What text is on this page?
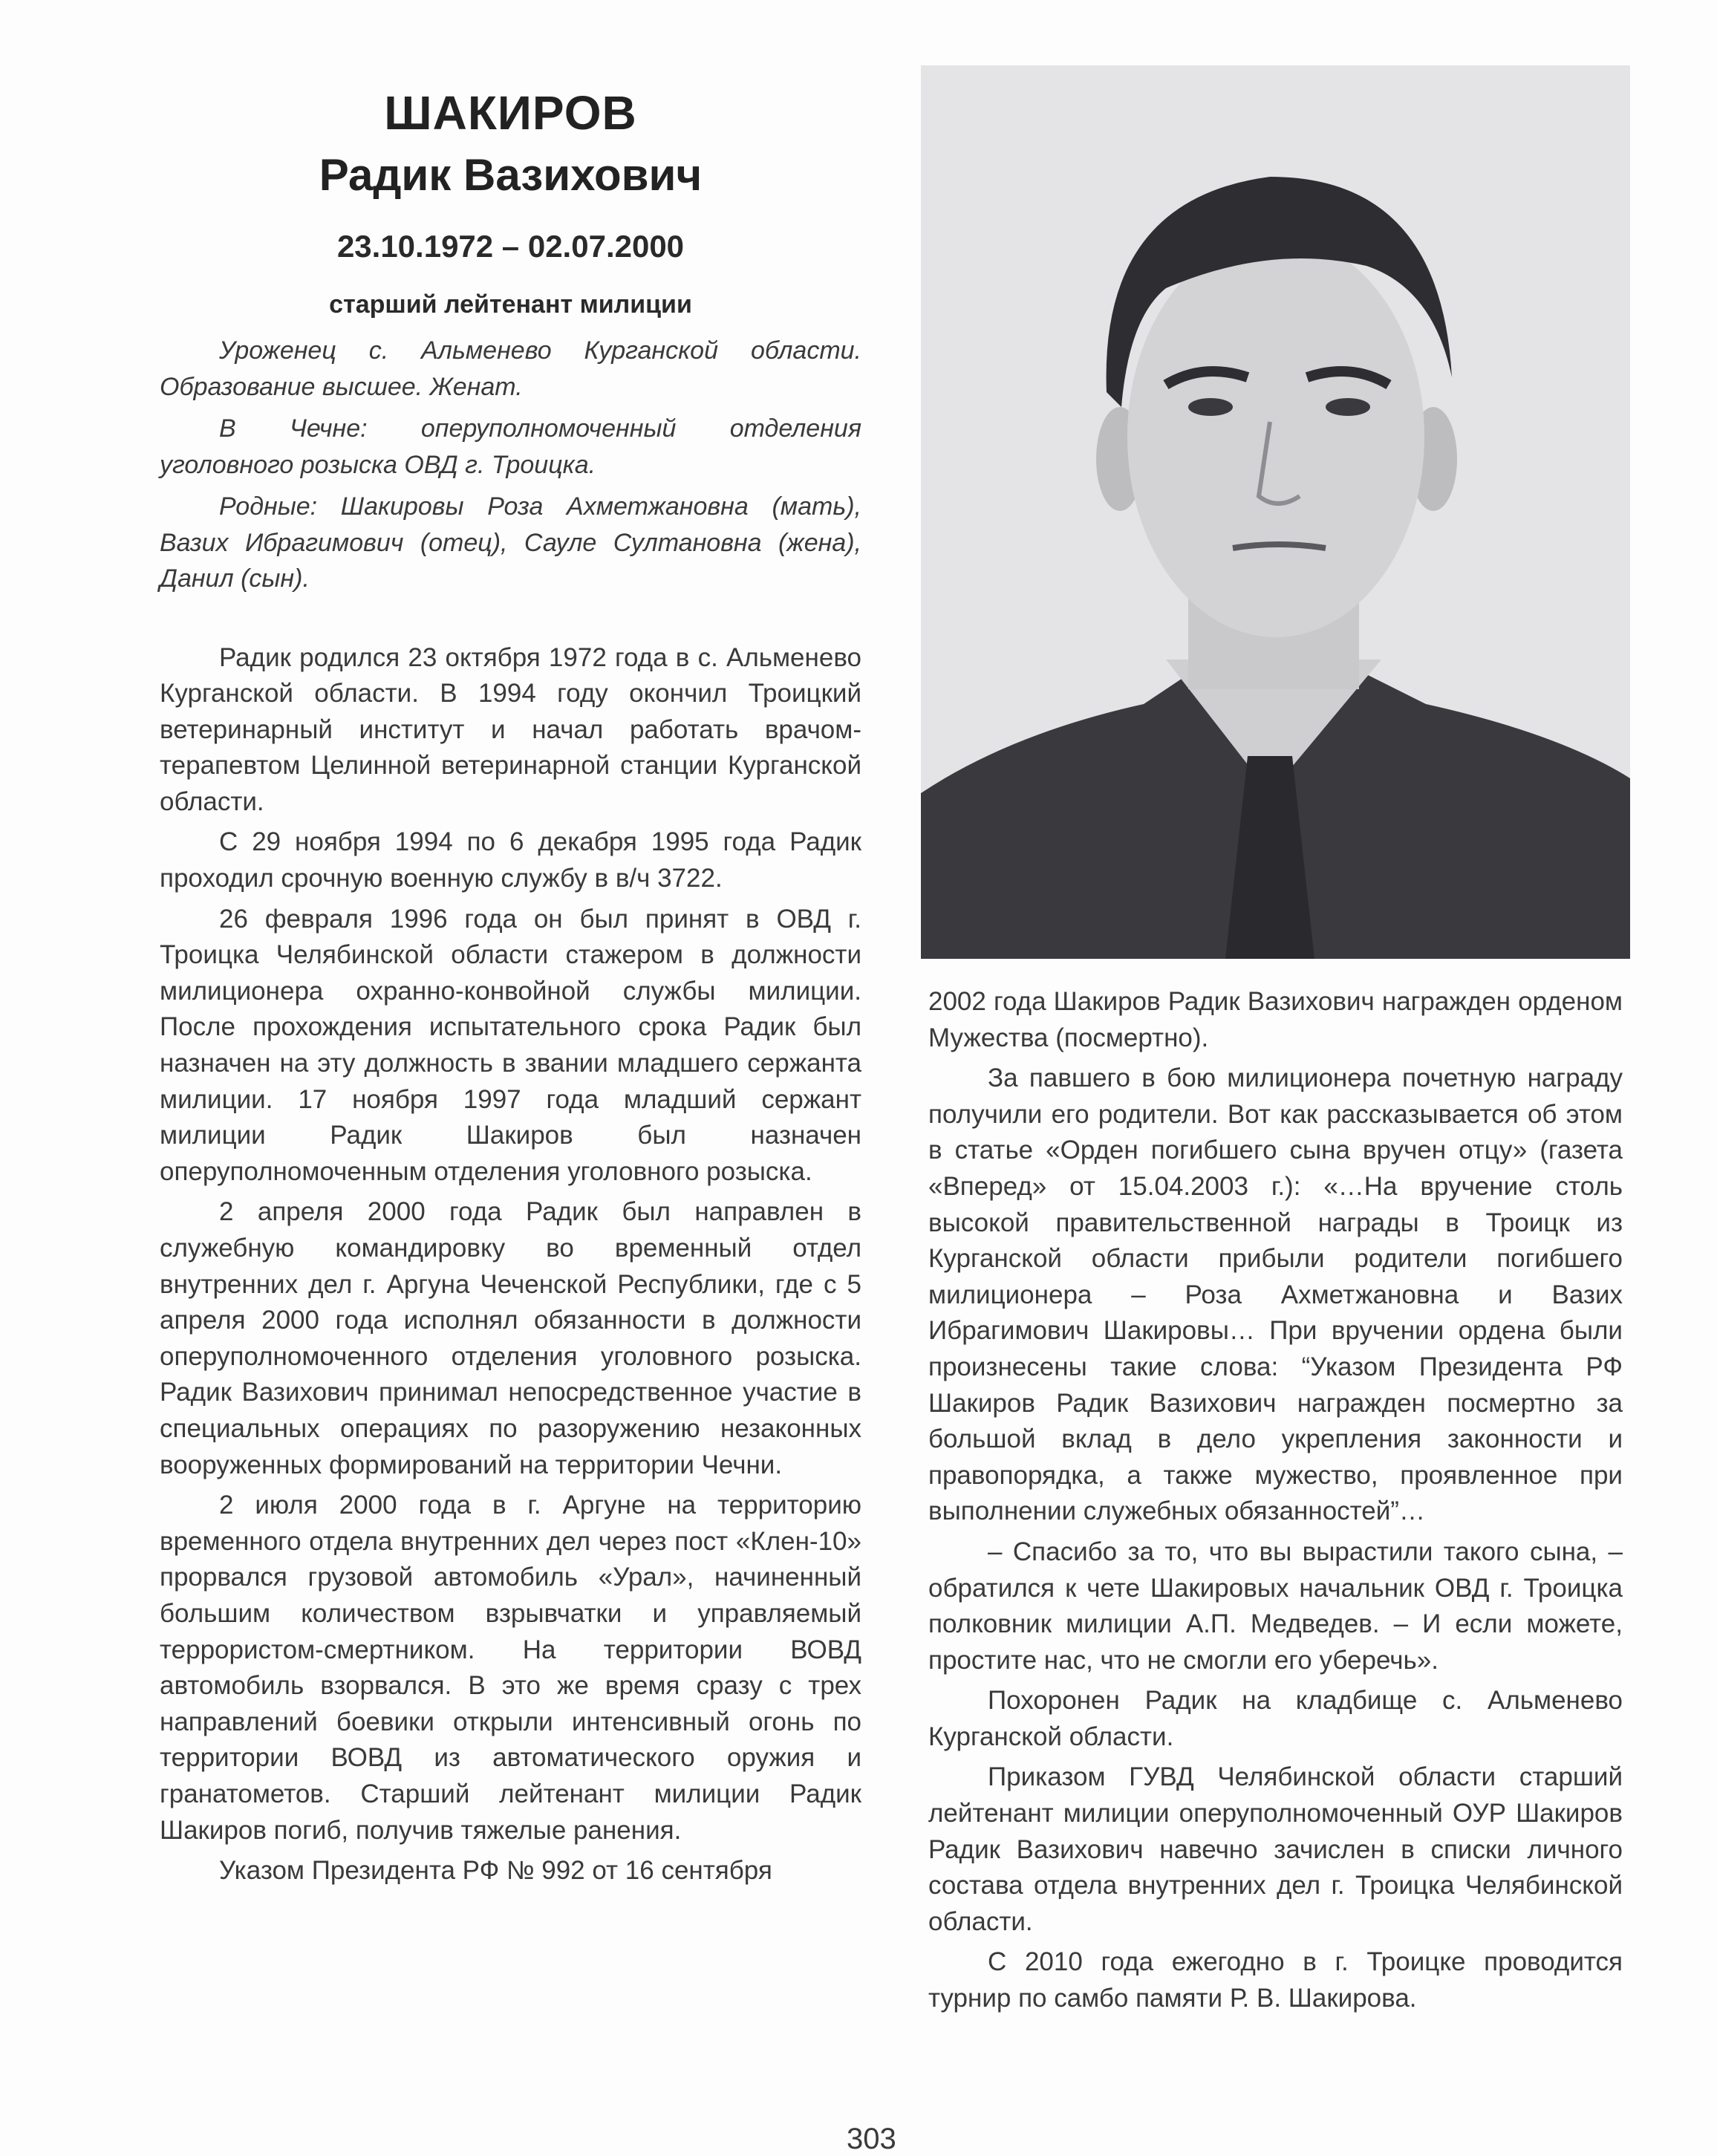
ШАКИРОВ
Радик Вазихович
23.10.1972 – 02.07.2000
старший лейтенант милиции

Уроженец с. Альменево Курганской области. Образование высшее. Женат.

В Чечне: оперуполномоченный отделения уголовного розыска ОВД г. Троицка.

Родные: Шакировы Роза Ахметжановна (мать), Вазих Ибрагимович (отец), Сауле Султановна (жена), Данил (сын).

Радик родился 23 октября 1972 года в с. Альменево Курганской области. В 1994 году окончил Троицкий ветеринарный институт и начал работать врачом-терапевтом Целинной ветеринарной станции Курганской области.

С 29 ноября 1994 по 6 декабря 1995 года Радик проходил срочную военную службу в в/ч 3722.

26 февраля 1996 года он был принят в ОВД г. Троицка Челябинской области стажером в должности милиционера охранно-конвойной службы милиции. После прохождения испытательного срока Радик был назначен на эту должность в звании младшего сержанта милиции. 17 ноября 1997 года младший сержант милиции Радик Шакиров был назначен оперуполномоченным отделения уголовного розыска.

2 апреля 2000 года Радик был направлен в служебную командировку во временный отдел внутренних дел г. Аргуна Чеченской Республики, где с 5 апреля 2000 года исполнял обязанности в должности оперуполномоченного отделения уголовного розыска. Радик Вазихович принимал непосредственное участие в специальных операциях по разоружению незаконных вооруженных формирований на территории Чечни.

2 июля 2000 года в г. Аргуне на территорию временного отдела внутренних дел через пост «Клен-10» прорвался грузовой автомобиль «Урал», начиненный большим количеством взрывчатки и управляемый террористом-смертником. На территории ВОВД автомобиль взорвался. В это же время сразу с трех направлений боевики открыли интенсивный огонь по территории ВОВД из автоматического оружия и гранатометов. Старший лейтенант милиции Радик Шакиров погиб, получив тяжелые ранения.

Указом Президента РФ № 992 от 16 сентября

2002 года Шакиров Радик Вазихович награжден орденом Мужества (посмертно).

За павшего в бою милиционера почетную награду получили его родители. Вот как рассказывается об этом в статье «Орден погибшего сына вручен отцу» (газета «Вперед» от 15.04.2003 г.): «…На вручение столь высокой правительственной награды в Троицк из Курганской области прибыли родители погибшего милиционера – Роза Ахметжановна и Вазих Ибрагимович Шакировы… При вручении ордена были произнесены такие слова: “Указом Президента РФ Шакиров Радик Вазихович награжден посмертно за большой вклад в дело укрепления законности и правопорядка, а также мужество, проявленное при выполнении служебных обязанностей”…

– Спасибо за то, что вы вырастили такого сына, – обратился к чете Шакировых начальник ОВД г. Троицка полковник милиции А.П. Медведев. – И если можете, простите нас, что не смогли его уберечь».

Похоронен Радик на кладбище с. Альменево Курганской области.

Приказом ГУВД Челябинской области старший лейтенант милиции оперуполномоченный ОУР Шакиров Радик Вазихович навечно зачислен в списки личного состава отдела внутренних дел г. Троицка Челябинской области.

С 2010 года ежегодно в г. Троицке проводится турнир по самбо памяти Р. В. Шакирова.

303
